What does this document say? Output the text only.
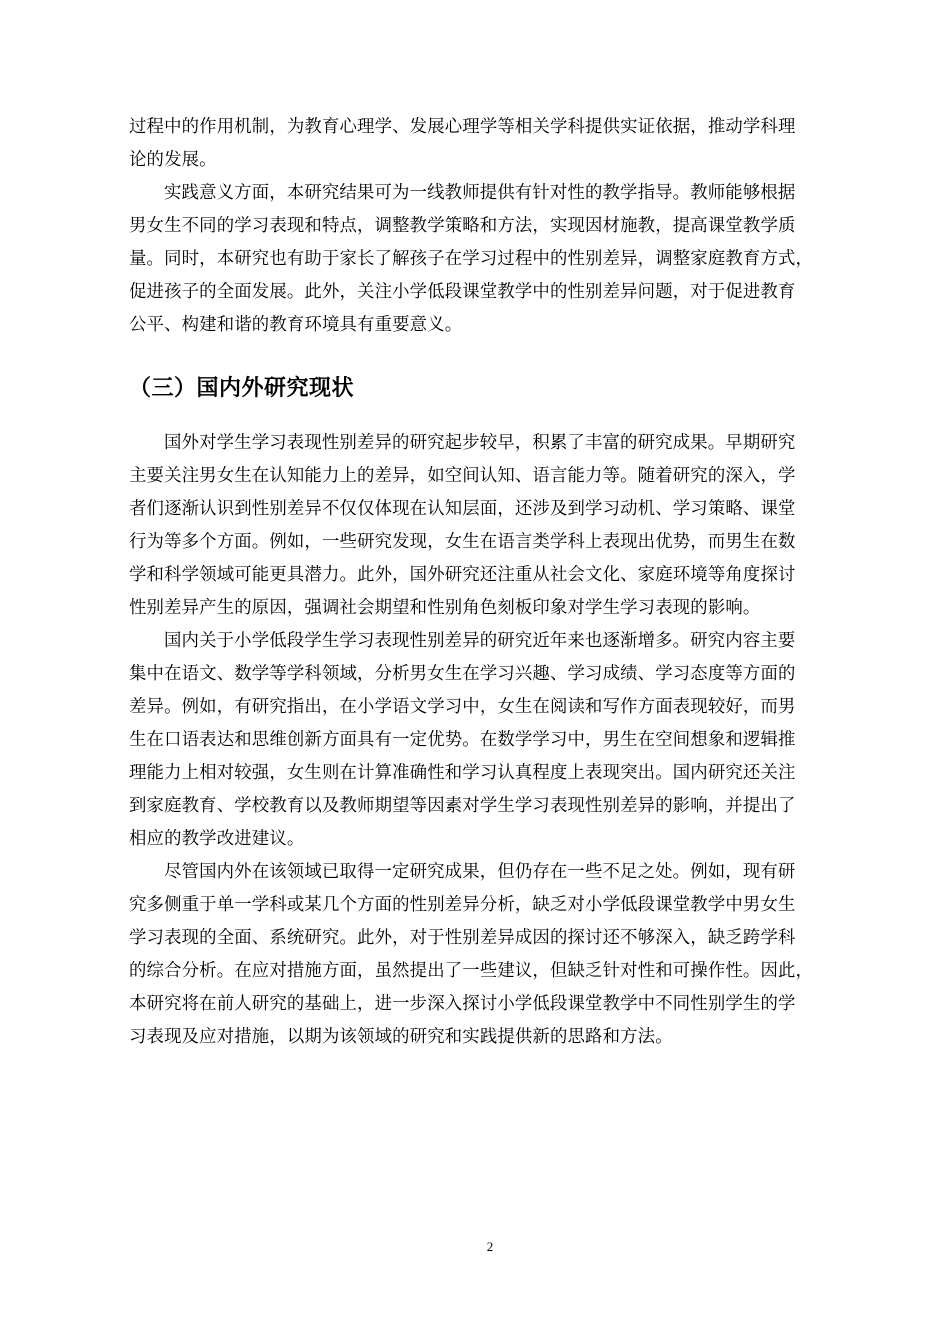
过程中的作用机制，为教育心理学、发展心理学等相关学科提供实证依据，推动学科理

论的发展。

实践意义方面，本研究结果可为一线教师提供有针对性的教学指导。教师能够根据

男女生不同的学习表现和特点，调整教学策略和方法，实现因材施教，提高课堂教学质

量。同时，本研究也有助于家长了解孩子在学习过程中的性别差异，调整家庭教育方式，

促进孩子的全面发展。此外，关注小学低段课堂教学中的性别差异问题，对于促进教育

公平、构建和谐的教育环境具有重要意义。

（三）国内外研究现状

国外对学生学习表现性别差异的研究起步较早，积累了丰富的研究成果。早期研究

主要关注男女生在认知能力上的差异，如空间认知、语言能力等。随着研究的深入，学

者们逐渐认识到性别差异不仅仅体现在认知层面，还涉及到学习动机、学习策略、课堂

行为等多个方面。例如，一些研究发现，女生在语言类学科上表现出优势，而男生在数

学和科学领域可能更具潜力。此外，国外研究还注重从社会文化、家庭环境等角度探讨

性别差异产生的原因，强调社会期望和性别角色刻板印象对学生学习表现的影响。

国内关于小学低段学生学习表现性别差异的研究近年来也逐渐增多。研究内容主要

集中在语文、数学等学科领域，分析男女生在学习兴趣、学习成绩、学习态度等方面的

差异。例如，有研究指出，在小学语文学习中，女生在阅读和写作方面表现较好，而男

生在口语表达和思维创新方面具有一定优势。在数学学习中，男生在空间想象和逻辑推

理能力上相对较强，女生则在计算准确性和学习认真程度上表现突出。国内研究还关注

到家庭教育、学校教育以及教师期望等因素对学生学习表现性别差异的影响，并提出了

相应的教学改进建议。

尽管国内外在该领域已取得一定研究成果，但仍存在一些不足之处。例如，现有研

究多侧重于单一学科或某几个方面的性别差异分析，缺乏对小学低段课堂教学中男女生

学习表现的全面、系统研究。此外，对于性别差异成因的探讨还不够深入，缺乏跨学科

的综合分析。在应对措施方面，虽然提出了一些建议，但缺乏针对性和可操作性。因此，

本研究将在前人研究的基础上，进一步深入探讨小学低段课堂教学中不同性别学生的学

习表现及应对措施，以期为该领域的研究和实践提供新的思路和方法。

2
